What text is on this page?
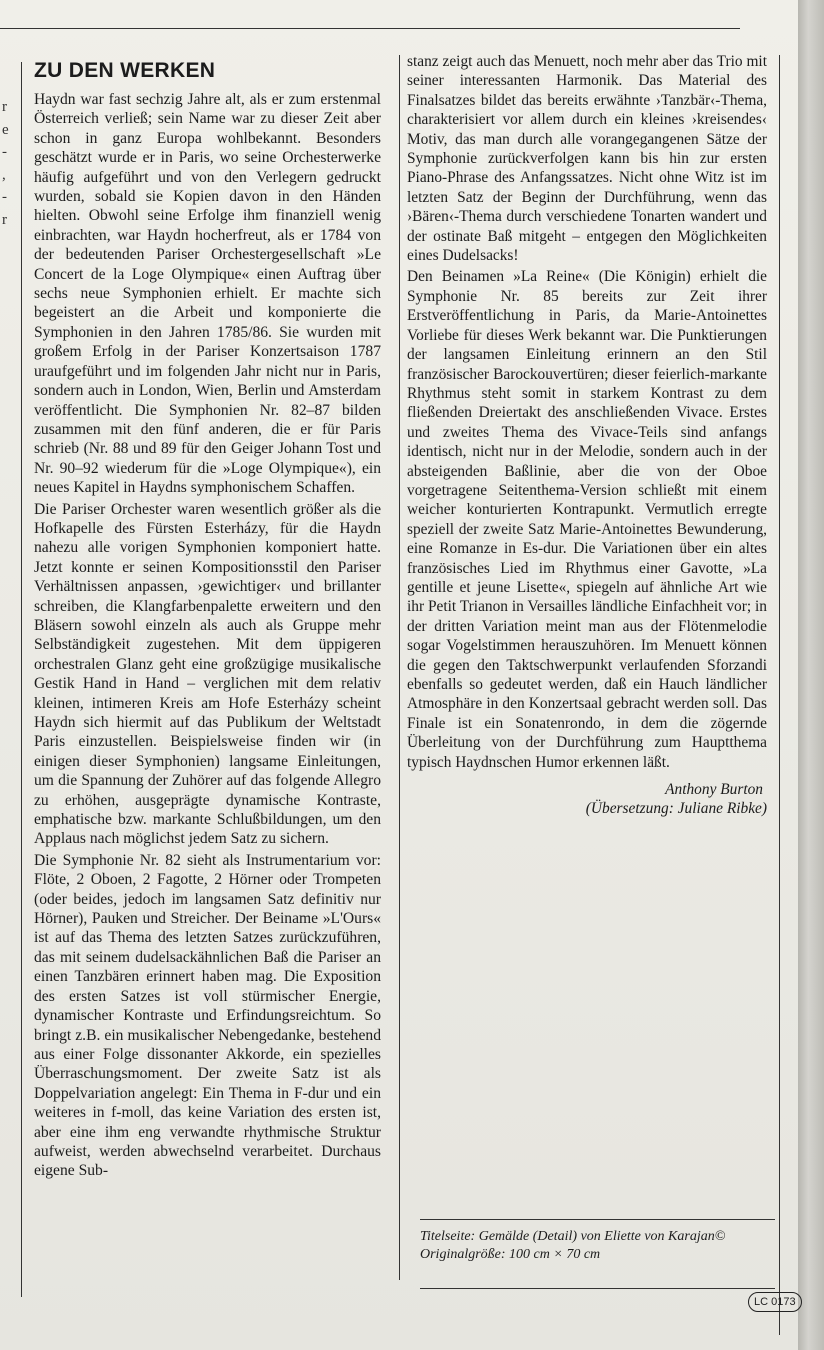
r
e
-
,
-
r
ZU DEN WERKEN

Haydn war fast sechzig Jahre alt, als er zum erstenmal Österreich verließ; sein Name war zu dieser Zeit aber schon in ganz Europa wohlbekannt. Besonders geschätzt wurde er in Paris, wo seine Orchesterwerke häufig aufgeführt und von den Verlegern gedruckt wurden, sobald sie Kopien davon in den Händen hielten. Obwohl seine Erfolge ihm finanziell wenig einbrachten, war Haydn hocherfreut, als er 1784 von der bedeutenden Pariser Orchestergesellschaft »Le Concert de la Loge Olympique« einen Auftrag über sechs neue Symphonien erhielt. Er machte sich begeistert an die Arbeit und komponierte die Symphonien in den Jahren 1785/86. Sie wurden mit großem Erfolg in der Pariser Konzertsaison 1787 uraufgeführt und im folgenden Jahr nicht nur in Paris, sondern auch in London, Wien, Berlin und Amsterdam veröffentlicht. Die Symphonien Nr. 82–87 bilden zusammen mit den fünf anderen, die er für Paris schrieb (Nr. 88 und 89 für den Geiger Johann Tost und Nr. 90–92 wiederum für die »Loge Olympique«), ein neues Kapitel in Haydns symphonischem Schaffen.

Die Pariser Orchester waren wesentlich größer als die Hofkapelle des Fürsten Esterházy, für die Haydn nahezu alle vorigen Symphonien komponiert hatte. Jetzt konnte er seinen Kompositionsstil den Pariser Verhältnissen anpassen, ›gewichtiger‹ und brillanter schreiben, die Klangfarbenpalette erweitern und den Bläsern sowohl einzeln als auch als Gruppe mehr Selbständigkeit zugestehen. Mit dem üppigeren orchestralen Glanz geht eine großzügige musikalische Gestik Hand in Hand – verglichen mit dem relativ kleinen, intimeren Kreis am Hofe Esterházy scheint Haydn sich hiermit auf das Publikum der Weltstadt Paris einzustellen. Beispielsweise finden wir (in einigen dieser Symphonien) langsame Einleitungen, um die Spannung der Zuhörer auf das folgende Allegro zu erhöhen, ausgeprägte dynamische Kontraste, emphatische bzw. markante Schlußbildungen, um den Applaus nach möglichst jedem Satz zu sichern.

Die Symphonie Nr. 82 sieht als Instrumentarium vor: Flöte, 2 Oboen, 2 Fagotte, 2 Hörner oder Trompeten (oder beides, jedoch im langsamen Satz definitiv nur Hörner), Pauken und Streicher. Der Beiname »L'Ours« ist auf das Thema des letzten Satzes zurückzuführen, das mit seinem dudelsackähnlichen Baß die Pariser an einen Tanzbären erinnert haben mag. Die Exposition des ersten Satzes ist voll stürmischer Energie, dynamischer Kontraste und Erfindungsreichtum. So bringt z.B. ein musikalischer Nebengedanke, bestehend aus einer Folge dissonanter Akkorde, ein spezielles Überraschungsmoment. Der zweite Satz ist als Doppelvariation angelegt: Ein Thema in F-dur und ein weiteres in f-moll, das keine Variation des ersten ist, aber eine ihm eng verwandte rhythmische Struktur aufweist, werden abwechselnd verarbeitet. Durchaus eigene Sub-

stanz zeigt auch das Menuett, noch mehr aber das Trio mit seiner interessanten Harmonik. Das Material des Finalsatzes bildet das bereits erwähnte ›Tanzbär‹-Thema, charakterisiert vor allem durch ein kleines ›kreisendes‹ Motiv, das man durch alle vorangegangenen Sätze der Symphonie zurückverfolgen kann bis hin zur ersten Piano-Phrase des Anfangssatzes. Nicht ohne Witz ist im letzten Satz der Beginn der Durchführung, wenn das ›Bären‹-Thema durch verschiedene Tonarten wandert und der ostinate Baß mitgeht – entgegen den Möglichkeiten eines Dudelsacks!

Den Beinamen »La Reine« (Die Königin) erhielt die Symphonie Nr. 85 bereits zur Zeit ihrer Erstveröffentlichung in Paris, da Marie-Antoinettes Vorliebe für dieses Werk bekannt war. Die Punktierungen der langsamen Einleitung erinnern an den Stil französischer Barockouvertüren; dieser feierlich-markante Rhythmus steht somit in starkem Kontrast zu dem fließenden Dreiertakt des anschließenden Vivace. Erstes und zweites Thema des Vivace-Teils sind anfangs identisch, nicht nur in der Melodie, sondern auch in der absteigenden Baßlinie, aber die von der Oboe vorgetragene Seitenthema-Version schließt mit einem weicher konturierten Kontrapunkt. Vermutlich erregte speziell der zweite Satz Marie-Antoinettes Bewunderung, eine Romanze in Es-dur. Die Variationen über ein altes französisches Lied im Rhythmus einer Gavotte, »La gentille et jeune Lisette«, spiegeln auf ähnliche Art wie ihr Petit Trianon in Versailles ländliche Einfachheit vor; in der dritten Variation meint man aus der Flötenmelodie sogar Vogelstimmen herauszuhören. Im Menuett können die gegen den Taktschwerpunkt verlaufenden Sforzandi ebenfalls so gedeutet werden, daß ein Hauch ländlicher Atmosphäre in den Konzertsaal gebracht werden soll. Das Finale ist ein Sonatenrondo, in dem die zögernde Überleitung von der Durchführung zum Hauptthema typisch Haydnschen Humor erkennen läßt.

Anthony Burton
(Übersetzung: Juliane Ribke)
Titelseite: Gemälde (Detail) von Eliette von Karajan©
Originalgröße: 100 cm × 70 cm
LC 0173
